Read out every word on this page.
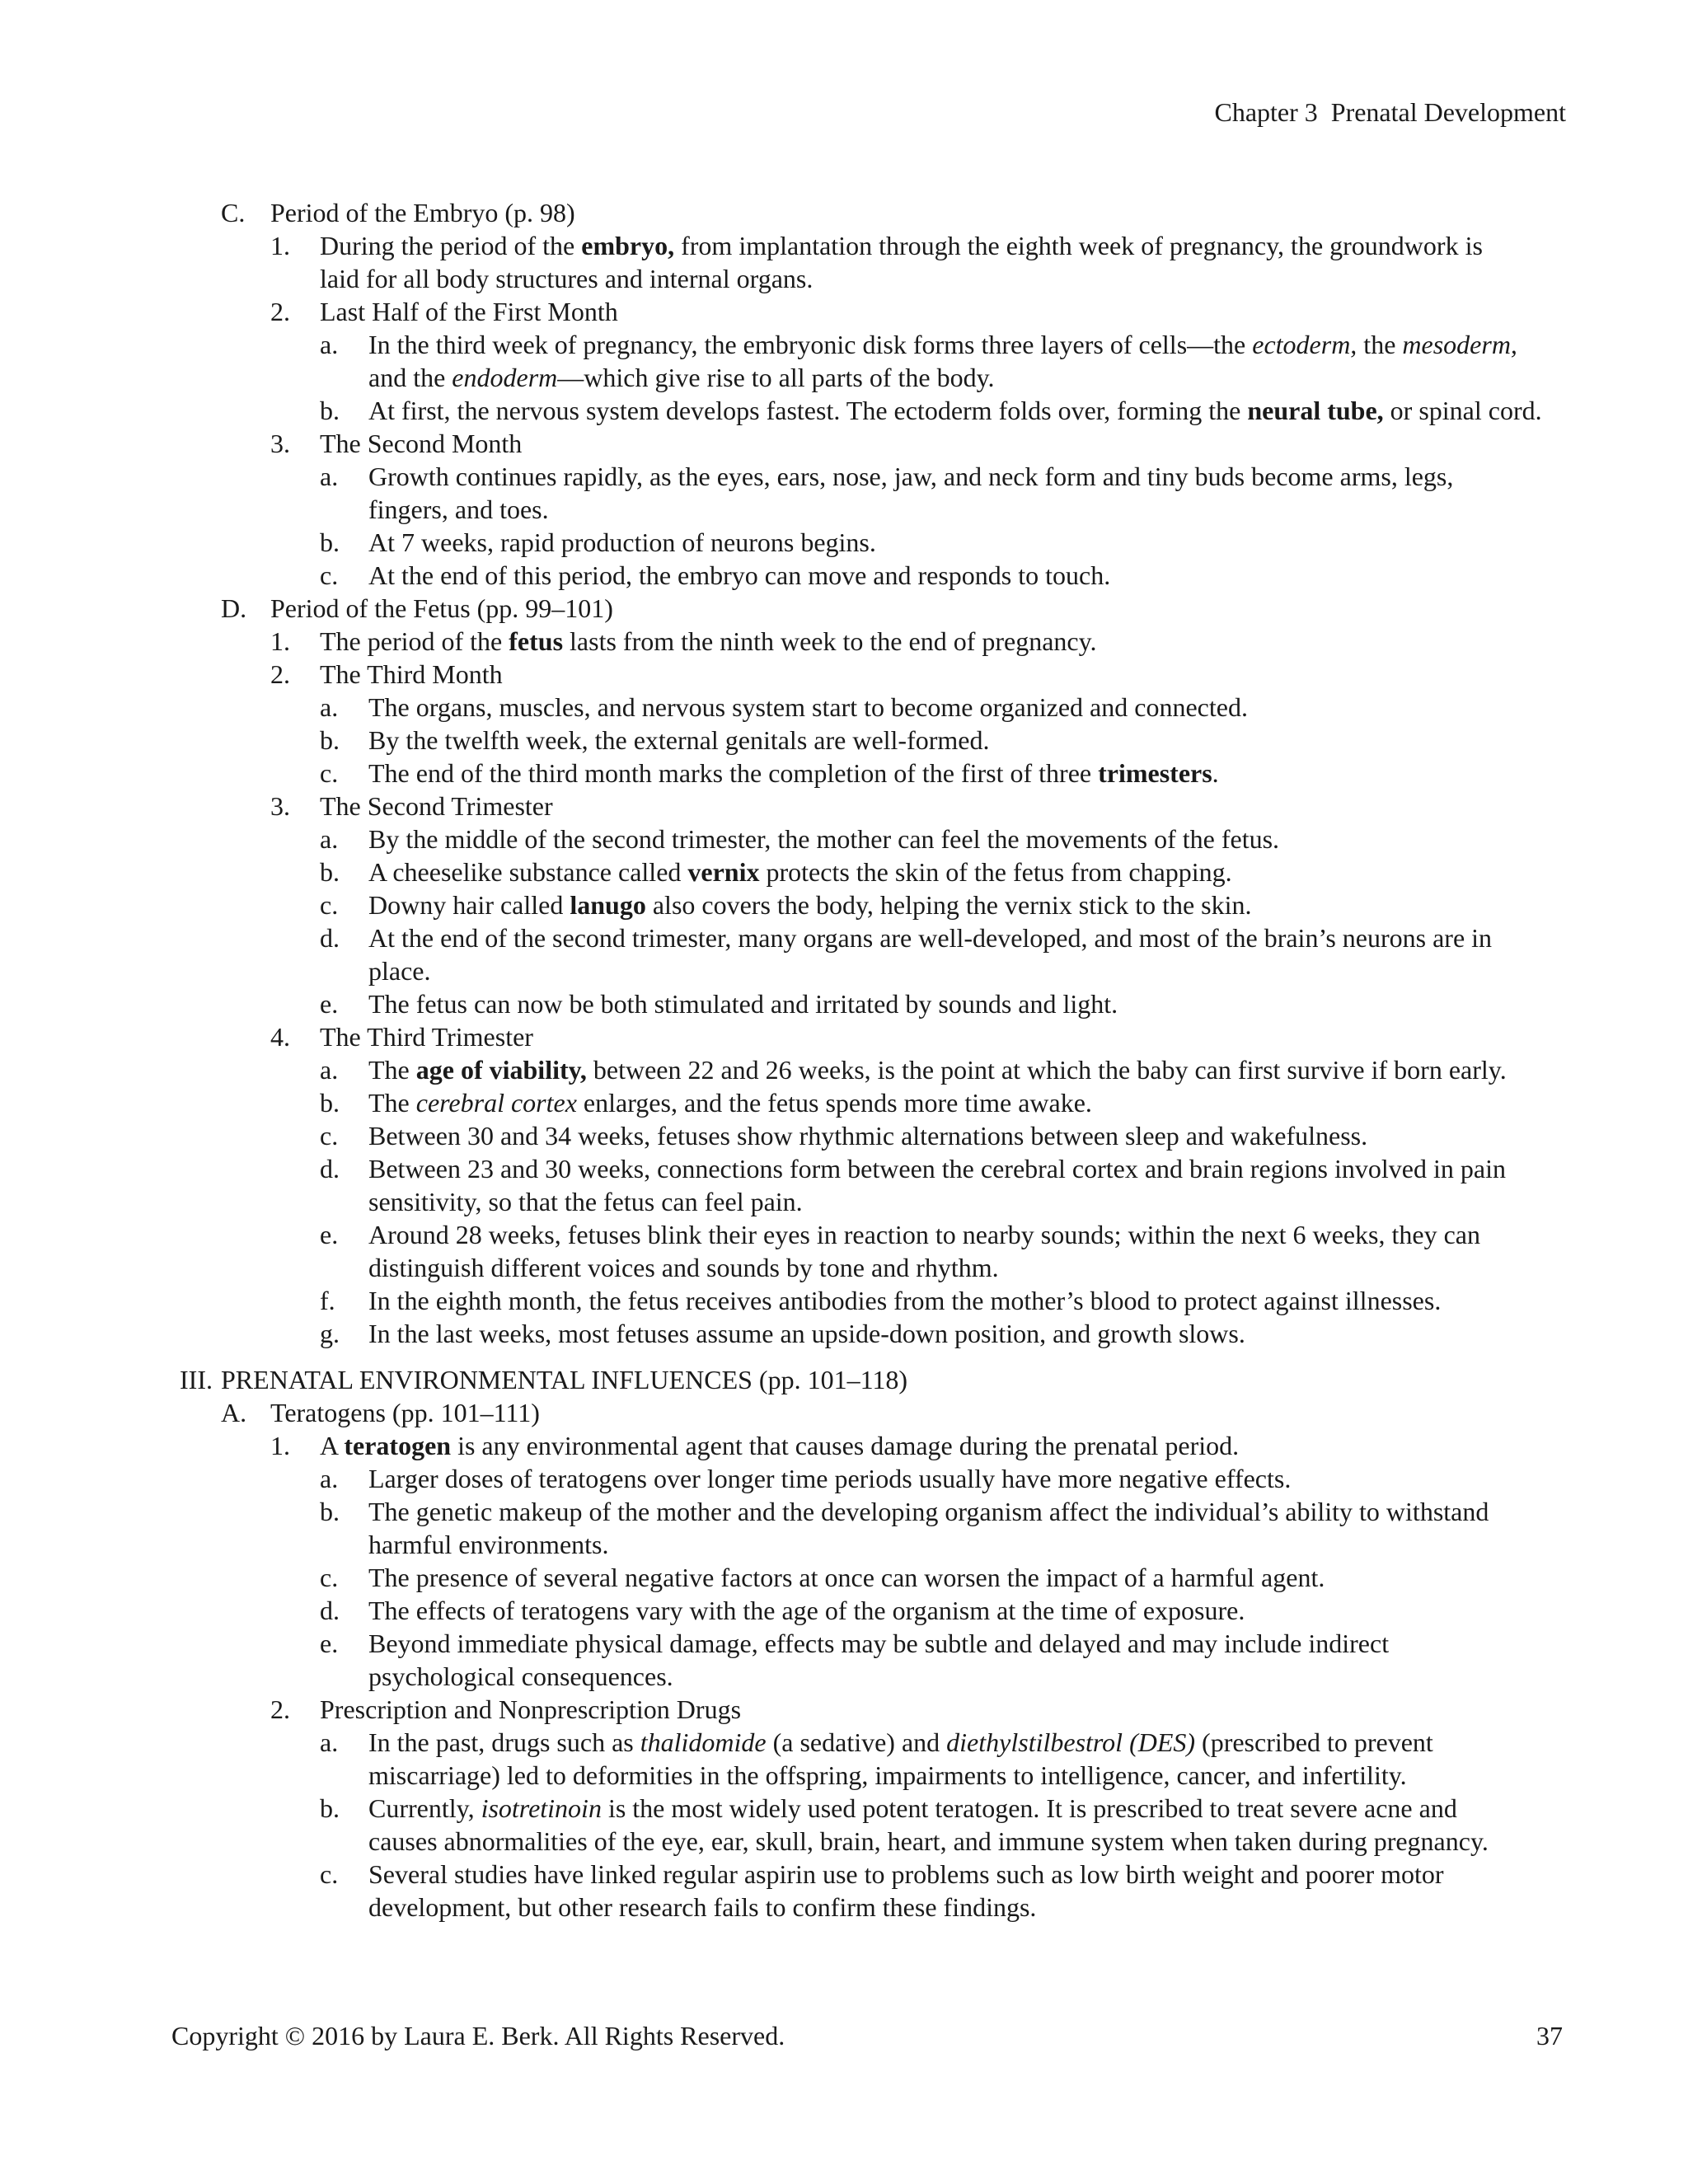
Chapter 3 Prenatal Development
C. Period of the Embryo (p. 98)
1. During the period of the embryo, from implantation through the eighth week of pregnancy, the groundwork is
laid for all body structures and internal organs.
2. Last Half of the First Month
a. In the third week of pregnancy, the embryonic disk forms three layers of cells—the ectoderm, the mesoderm,
and the endoderm—which give rise to all parts of the body.
b. At first, the nervous system develops fastest. The ectoderm folds over, forming the neural tube, or spinal cord.
3. The Second Month
a. Growth continues rapidly, as the eyes, ears, nose, jaw, and neck form and tiny buds become arms, legs,
fingers, and toes.
b. At 7 weeks, rapid production of neurons begins.
c. At the end of this period, the embryo can move and responds to touch.
D. Period of the Fetus (pp. 99–101)
1. The period of the fetus lasts from the ninth week to the end of pregnancy.
2. The Third Month
a. The organs, muscles, and nervous system start to become organized and connected.
b. By the twelfth week, the external genitals are well-formed.
c. The end of the third month marks the completion of the first of three trimesters.
3. The Second Trimester
a. By the middle of the second trimester, the mother can feel the movements of the fetus.
b. A cheeselike substance called vernix protects the skin of the fetus from chapping.
c. Downy hair called lanugo also covers the body, helping the vernix stick to the skin.
d. At the end of the second trimester, many organs are well-developed, and most of the brain’s neurons are in
place.
e. The fetus can now be both stimulated and irritated by sounds and light.
4. The Third Trimester
a. The age of viability, between 22 and 26 weeks, is the point at which the baby can first survive if born early.
b. The cerebral cortex enlarges, and the fetus spends more time awake.
c. Between 30 and 34 weeks, fetuses show rhythmic alternations between sleep and wakefulness.
d. Between 23 and 30 weeks, connections form between the cerebral cortex and brain regions involved in pain
sensitivity, so that the fetus can feel pain.
e. Around 28 weeks, fetuses blink their eyes in reaction to nearby sounds; within the next 6 weeks, they can
distinguish different voices and sounds by tone and rhythm.
f. In the eighth month, the fetus receives antibodies from the mother’s blood to protect against illnesses.
g. In the last weeks, most fetuses assume an upside-down position, and growth slows.
III. PRENATAL ENVIRONMENTAL INFLUENCES (pp. 101–118)
A. Teratogens (pp. 101–111)
1. A teratogen is any environmental agent that causes damage during the prenatal period.
a. Larger doses of teratogens over longer time periods usually have more negative effects.
b. The genetic makeup of the mother and the developing organism affect the individual’s ability to withstand
harmful environments.
c. The presence of several negative factors at once can worsen the impact of a harmful agent.
d. The effects of teratogens vary with the age of the organism at the time of exposure.
e. Beyond immediate physical damage, effects may be subtle and delayed and may include indirect
psychological consequences.
2. Prescription and Nonprescription Drugs
a. In the past, drugs such as thalidomide (a sedative) and diethylstilbestrol (DES) (prescribed to prevent
miscarriage) led to deformities in the offspring, impairments to intelligence, cancer, and infertility.
b. Currently, isotretinoin is the most widely used potent teratogen. It is prescribed to treat severe acne and
causes abnormalities of the eye, ear, skull, brain, heart, and immune system when taken during pregnancy.
c. Several studies have linked regular aspirin use to problems such as low birth weight and poorer motor
development, but other research fails to confirm these findings.
Copyright © 2016 by Laura E. Berk. All Rights Reserved.	37
